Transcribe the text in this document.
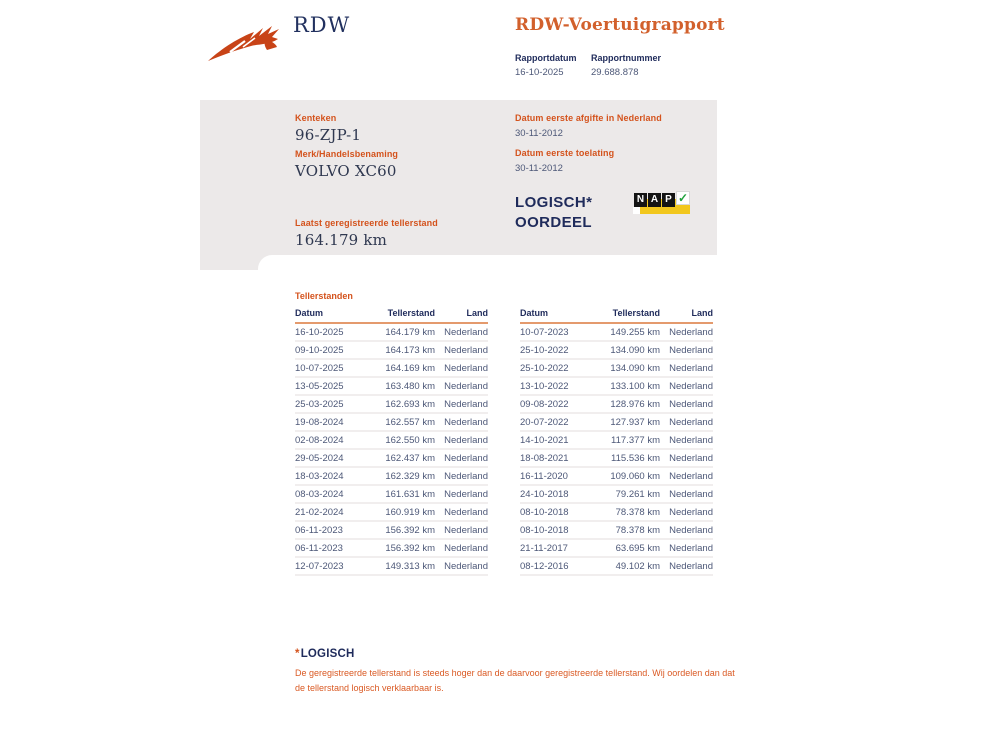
RDW	RDW-Voertuigrapport
Rapportdatum
16-10-2025
Rapportnummer
29.688.878
Kenteken
96-ZJP-1
Merk/Handelsbenaming
VOLVO XC60
Laatst geregistreerde tellerstand
164.179 km
Datum eerste afgifte in Nederland
30-11-2012
Datum eerste toelating
30-11-2012
LOGISCH*
OORDEEL
N A P ✓
Tellerstanden
Datum	Tellerstand	Land
16-10-2025	164.179 km	Nederland
09-10-2025	164.173 km	Nederland
10-07-2025	164.169 km	Nederland
13-05-2025	163.480 km	Nederland
25-03-2025	162.693 km	Nederland
19-08-2024	162.557 km	Nederland
02-08-2024	162.550 km	Nederland
29-05-2024	162.437 km	Nederland
18-03-2024	162.329 km	Nederland
08-03-2024	161.631 km	Nederland
21-02-2024	160.919 km	Nederland
06-11-2023	156.392 km	Nederland
06-11-2023	156.392 km	Nederland
12-07-2023	149.313 km	Nederland
Datum	Tellerstand	Land
10-07-2023	149.255 km	Nederland
25-10-2022	134.090 km	Nederland
25-10-2022	134.090 km	Nederland
13-10-2022	133.100 km	Nederland
09-08-2022	128.976 km	Nederland
20-07-2022	127.937 km	Nederland
14-10-2021	117.377 km	Nederland
18-08-2021	115.536 km	Nederland
16-11-2020	109.060 km	Nederland
24-10-2018	79.261 km	Nederland
08-10-2018	78.378 km	Nederland
08-10-2018	78.378 km	Nederland
21-11-2017	63.695 km	Nederland
08-12-2016	49.102 km	Nederland
*LOGISCH

De geregistreerde tellerstand is steeds hoger dan de daarvoor geregistreerde tellerstand. Wij oordelen dan dat de tellerstand logisch verklaarbaar is.
